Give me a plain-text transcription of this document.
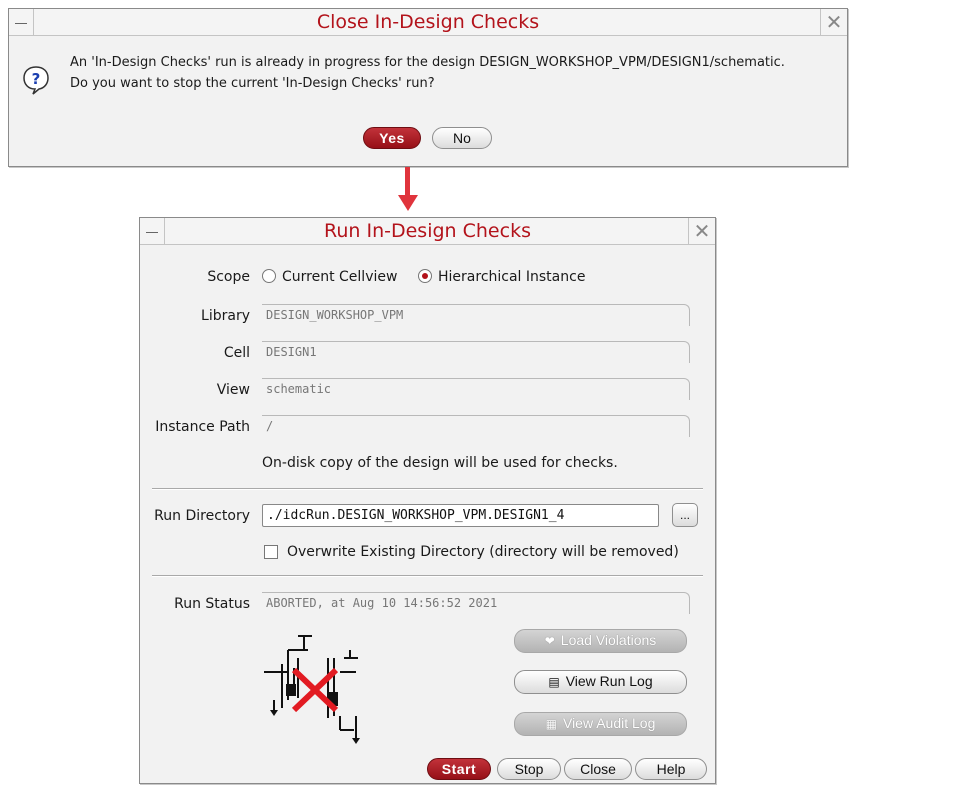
Close In-Design Checks	✕
?
An 'In-Design Checks' run is already in progress for the design DESIGN_WORKSHOP_VPM/DESIGN1/schematic.
Do you want to stop the current 'In-Design Checks' run?
Yes	No
Run In-Design Checks	✕
Scope	Current Cellview	Hierarchical Instance
Library	DESIGN_WORKSHOP_VPM
Cell	DESIGN1
View	schematic
Instance Path	/
On-disk copy of the design will be used for checks.
Run Directory	./idcRun.DESIGN_WORKSHOP_VPM.DESIGN1_4	...
Overwrite Existing Directory (directory will be removed)
Run Status	ABORTED, at Aug 10 14:56:52 2021
❤ Load Violations
▤ View Run Log
▦ View Audit Log
Start	Stop	Close	Help
